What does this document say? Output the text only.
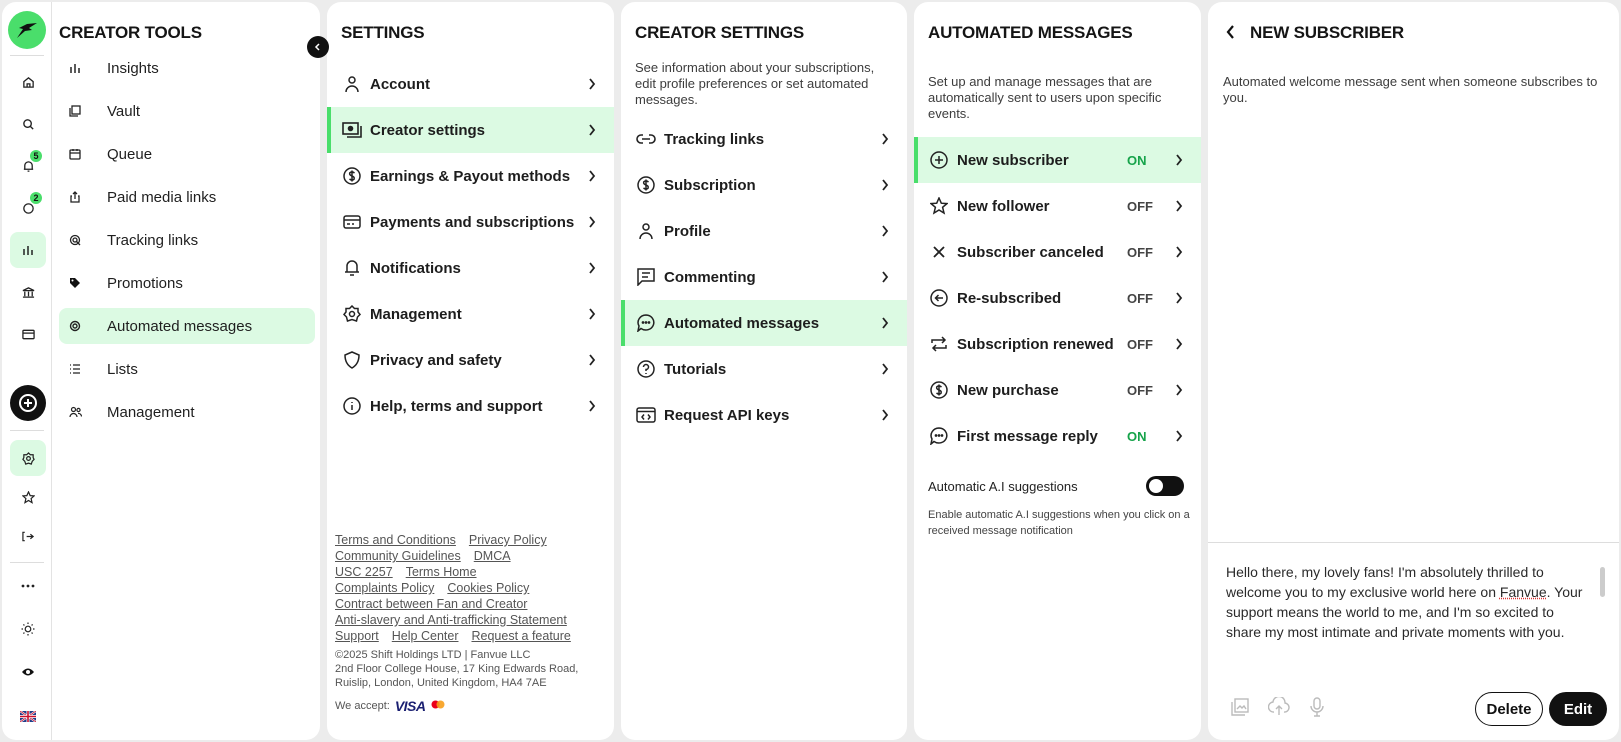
5
2
CREATOR TOOLS
Insights
Vault
Queue
Paid media links
Tracking links
Promotions
Automated messages
Lists
Management
SETTINGS
Account
Creator settings
Earnings & Payout methods
Payments and subscriptions
Notifications
Management
Privacy and safety
Help, terms and support
Terms and Conditions Privacy Policy
Community Guidelines DMCA
USC 2257 Terms Home
Complaints Policy Cookies Policy
Contract between Fan and Creator
Anti-slavery and Anti-trafficking Statement
Support Help Center Request a feature
©2025 Shift Holdings LTD | Fanvue LLC
2nd Floor College House, 17 King Edwards Road, Ruislip, London, United Kingdom, HA4 7AE
We accept: VISA
CREATOR SETTINGS
See information about your subscriptions, edit profile preferences or set automated messages.
Tracking links
Subscription
Profile
Commenting
Automated messages
Tutorials
Request API keys
AUTOMATED MESSAGES
Set up and manage messages that are automatically sent to users upon specific events.
New subscriber	ON
New follower	OFF
Subscriber canceled	OFF
Re-subscribed	OFF
Subscription renewed	OFF
New purchase	OFF
First message reply	ON
Automatic A.I suggestions
Enable automatic A.I suggestions when you click on a received message notification
NEW SUBSCRIBER
Automated welcome message sent when someone subscribes to you.
Hello there, my lovely fans! I'm absolutely thrilled to welcome you to my exclusive world here on Fanvue. Your support means the world to me, and I'm so excited to share my most intimate and private moments with you.
Delete	Edit
